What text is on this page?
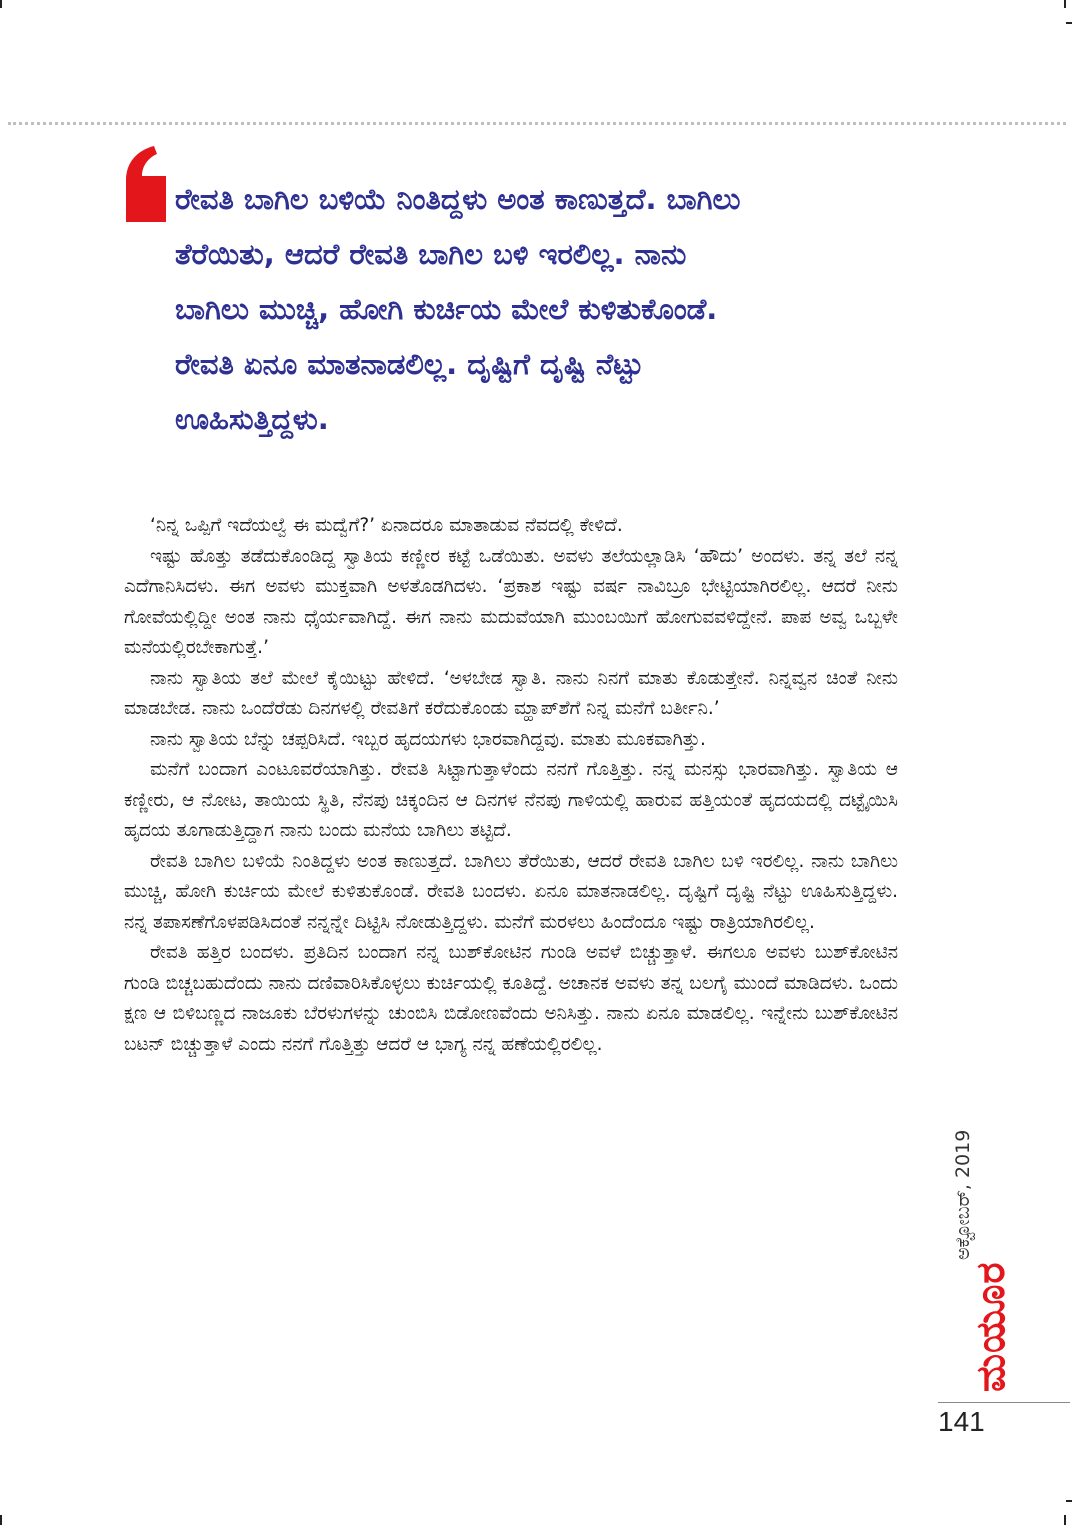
ರೇವತಿ ಬಾಗಿಲ ಬಳಿಯೆ ನಿಂತಿದ್ದಳು ಅಂತ ಕಾಣುತ್ತದೆ. ಬಾಗಿಲು
ತೆರೆಯಿತು, ಆದರೆ ರೇವತಿ ಬಾಗಿಲ ಬಳಿ ಇರಲಿಲ್ಲ. ನಾನು
ಬಾಗಿಲು ಮುಚ್ಚಿ, ಹೋಗಿ ಕುರ್ಚಿಯ ಮೇಲೆ ಕುಳಿತುಕೊಂಡೆ.
ರೇವತಿ ಏನೂ ಮಾತನಾಡಲಿಲ್ಲ. ದೃಷ್ಟಿಗೆ ದೃಷ್ಟಿ ನೆಟ್ಟು
ಊಹಿಸುತ್ತಿದ್ದಳು.

‘ನಿನ್ನ ಒಪ್ಪಿಗೆ ಇದೆಯಲ್ವೆ ಈ ಮದ್ವೆಗೆ?’ ಏನಾದರೂ ಮಾತಾಡುವ ನೆವದಲ್ಲಿ ಕೇಳಿದೆ.

ಇಷ್ಟು ಹೊತ್ತು ತಡೆದುಕೊಂಡಿದ್ದ ಸ್ವಾತಿಯ ಕಣ್ಣೀರ ಕಟ್ಟೆ ಒಡೆಯಿತು. ಅವಳು ತಲೆಯಲ್ಲಾಡಿಸಿ ‘ಹೌದು’ ಅಂದಳು. ತನ್ನ ತಲೆ ನನ್ನ ಎದೆಗಾನಿಸಿದಳು. ಈಗ ಅವಳು ಮುಕ್ತವಾಗಿ ಅಳತೊಡಗಿದಳು. ‘ಪ್ರಕಾಶ ಇಷ್ಟು ವರ್ಷ ನಾವಿಬ್ರೂ ಭೇಟ್ಟಿಯಾಗಿರಲಿಲ್ಲ. ಆದರೆ ನೀನು ಗೋವೆಯಲ್ಲಿದ್ದೀ ಅಂತ ನಾನು ಧೈರ್ಯವಾಗಿದ್ದೆ. ಈಗ ನಾನು ಮದುವೆಯಾಗಿ ಮುಂಬಯಿಗೆ ಹೋಗುವವಳಿದ್ದೇನೆ. ಪಾಪ ಅವ್ವ ಒಬ್ಬಳೇ ಮನೆಯಲ್ಲಿರಬೇಕಾಗುತ್ತೆ.’

ನಾನು ಸ್ವಾತಿಯ ತಲೆ ಮೇಲೆ ಕೈಯಿಟ್ಟು ಹೇಳಿದೆ. ‘ಅಳಬೇಡ ಸ್ವಾತಿ. ನಾನು ನಿನಗೆ ಮಾತು ಕೊಡುತ್ತೇನೆ. ನಿನ್ನವ್ವನ ಚಿಂತೆ ನೀನು ಮಾಡಬೇಡ. ನಾನು ಒಂದೆರೆಡು ದಿನಗಳಲ್ಲಿ ರೇವತಿಗೆ ಕರೆದುಕೊಂಡು ಮ್ಹಾಪ್‌ಶೆಗೆ ನಿನ್ನ ಮನೆಗೆ ಬರ್ತೀನಿ.’

ನಾನು ಸ್ವಾತಿಯ ಬೆನ್ನು ಚಪ್ಪರಿಸಿದೆ. ಇಬ್ಬರ ಹೃದಯಗಳು ಭಾರವಾಗಿದ್ದವು. ಮಾತು ಮೂಕವಾಗಿತ್ತು.

ಮನೆಗೆ ಬಂದಾಗ ಎಂಟೂವರೆಯಾಗಿತ್ತು. ರೇವತಿ ಸಿಟ್ಟಾಗುತ್ತಾಳೆಂದು ನನಗೆ ಗೊತ್ತಿತ್ತು. ನನ್ನ ಮನಸ್ಸು ಭಾರವಾಗಿತ್ತು. ಸ್ವಾತಿಯ ಆ ಕಣ್ಣೀರು, ಆ ನೋಟ, ತಾಯಿಯ ಸ್ಥಿತಿ, ನೆನಪು ಚಿಕ್ಕಂದಿನ ಆ ದಿನಗಳ ನೆನಪು ಗಾಳಿಯಲ್ಲಿ ಹಾರುವ ಹತ್ತಿಯಂತೆ ಹೃದಯದಲ್ಲಿ ದಟ್ಟೈಯಿಸಿ ಹೃದಯ ತೂಗಾಡುತ್ತಿದ್ದಾಗ ನಾನು ಬಂದು ಮನೆಯ ಬಾಗಿಲು ತಟ್ಟಿದೆ.

ರೇವತಿ ಬಾಗಿಲ ಬಳಿಯೆ ನಿಂತಿದ್ದಳು ಅಂತ ಕಾಣುತ್ತದೆ. ಬಾಗಿಲು ತೆರೆಯಿತು, ಆದರೆ ರೇವತಿ ಬಾಗಿಲ ಬಳಿ ಇರಲಿಲ್ಲ. ನಾನು ಬಾಗಿಲು ಮುಚ್ಚಿ, ಹೋಗಿ ಕುರ್ಚಿಯ ಮೇಲೆ ಕುಳಿತುಕೊಂಡೆ. ರೇವತಿ ಬಂದಳು. ಏನೂ ಮಾತನಾಡಲಿಲ್ಲ. ದೃಷ್ಟಿಗೆ ದೃಷ್ಟಿ ನೆಟ್ಟು ಊಹಿಸುತ್ತಿದ್ದಳು. ನನ್ನ ತಪಾಸಣೆಗೊಳಪಡಿಸಿದಂತೆ ನನ್ನನ್ನೇ ದಿಟ್ಟಿಸಿ ನೋಡುತ್ತಿದ್ದಳು. ಮನೆಗೆ ಮರಳಲು ಹಿಂದೆಂದೂ ಇಷ್ಟು ರಾತ್ರಿಯಾಗಿರಲಿಲ್ಲ.

ರೇವತಿ ಹತ್ತಿರ ಬಂದಳು. ಪ್ರತಿದಿನ ಬಂದಾಗ ನನ್ನ ಬುಶ್‌ಕೋಟಿನ ಗುಂಡಿ ಅವಳೆ ಬಿಚ್ಚುತ್ತಾಳೆ. ಈಗಲೂ ಅವಳು ಬುಶ್‌ಕೋಟಿನ ಗುಂಡಿ ಬಿಚ್ಚಬಹುದೆಂದು ನಾನು ದಣಿವಾರಿಸಿಕೊಳ್ಳಲು ಕುರ್ಚಿಯಲ್ಲಿ ಕೂತಿದ್ದೆ. ಅಚಾನಕ ಅವಳು ತನ್ನ ಬಲಗೈ ಮುಂದೆ ಮಾಡಿದಳು. ಒಂದು ಕ್ಷಣ ಆ ಬಿಳಿಬಣ್ಣದ ನಾಜೂಕು ಬೆರಳುಗಳನ್ನು ಚುಂಬಿಸಿ ಬಿಡೋಣವೆಂದು ಅನಿಸಿತ್ತು. ನಾನು ಏನೂ ಮಾಡಲಿಲ್ಲ. ಇನ್ನೇನು ಬುಶ್‌ಕೋಟಿನ ಬಟನ್ ಬಿಚ್ಚುತ್ತಾಳೆ ಎಂದು ನನಗೆ ಗೊತ್ತಿತ್ತು ಆದರೆ ಆ ಭಾಗ್ಯ ನನ್ನ ಹಣೆಯಲ್ಲಿರಲಿಲ್ಲ.

ಅಕ್ಟೋಬರ್, 2019
ಮಯೂರ
141
